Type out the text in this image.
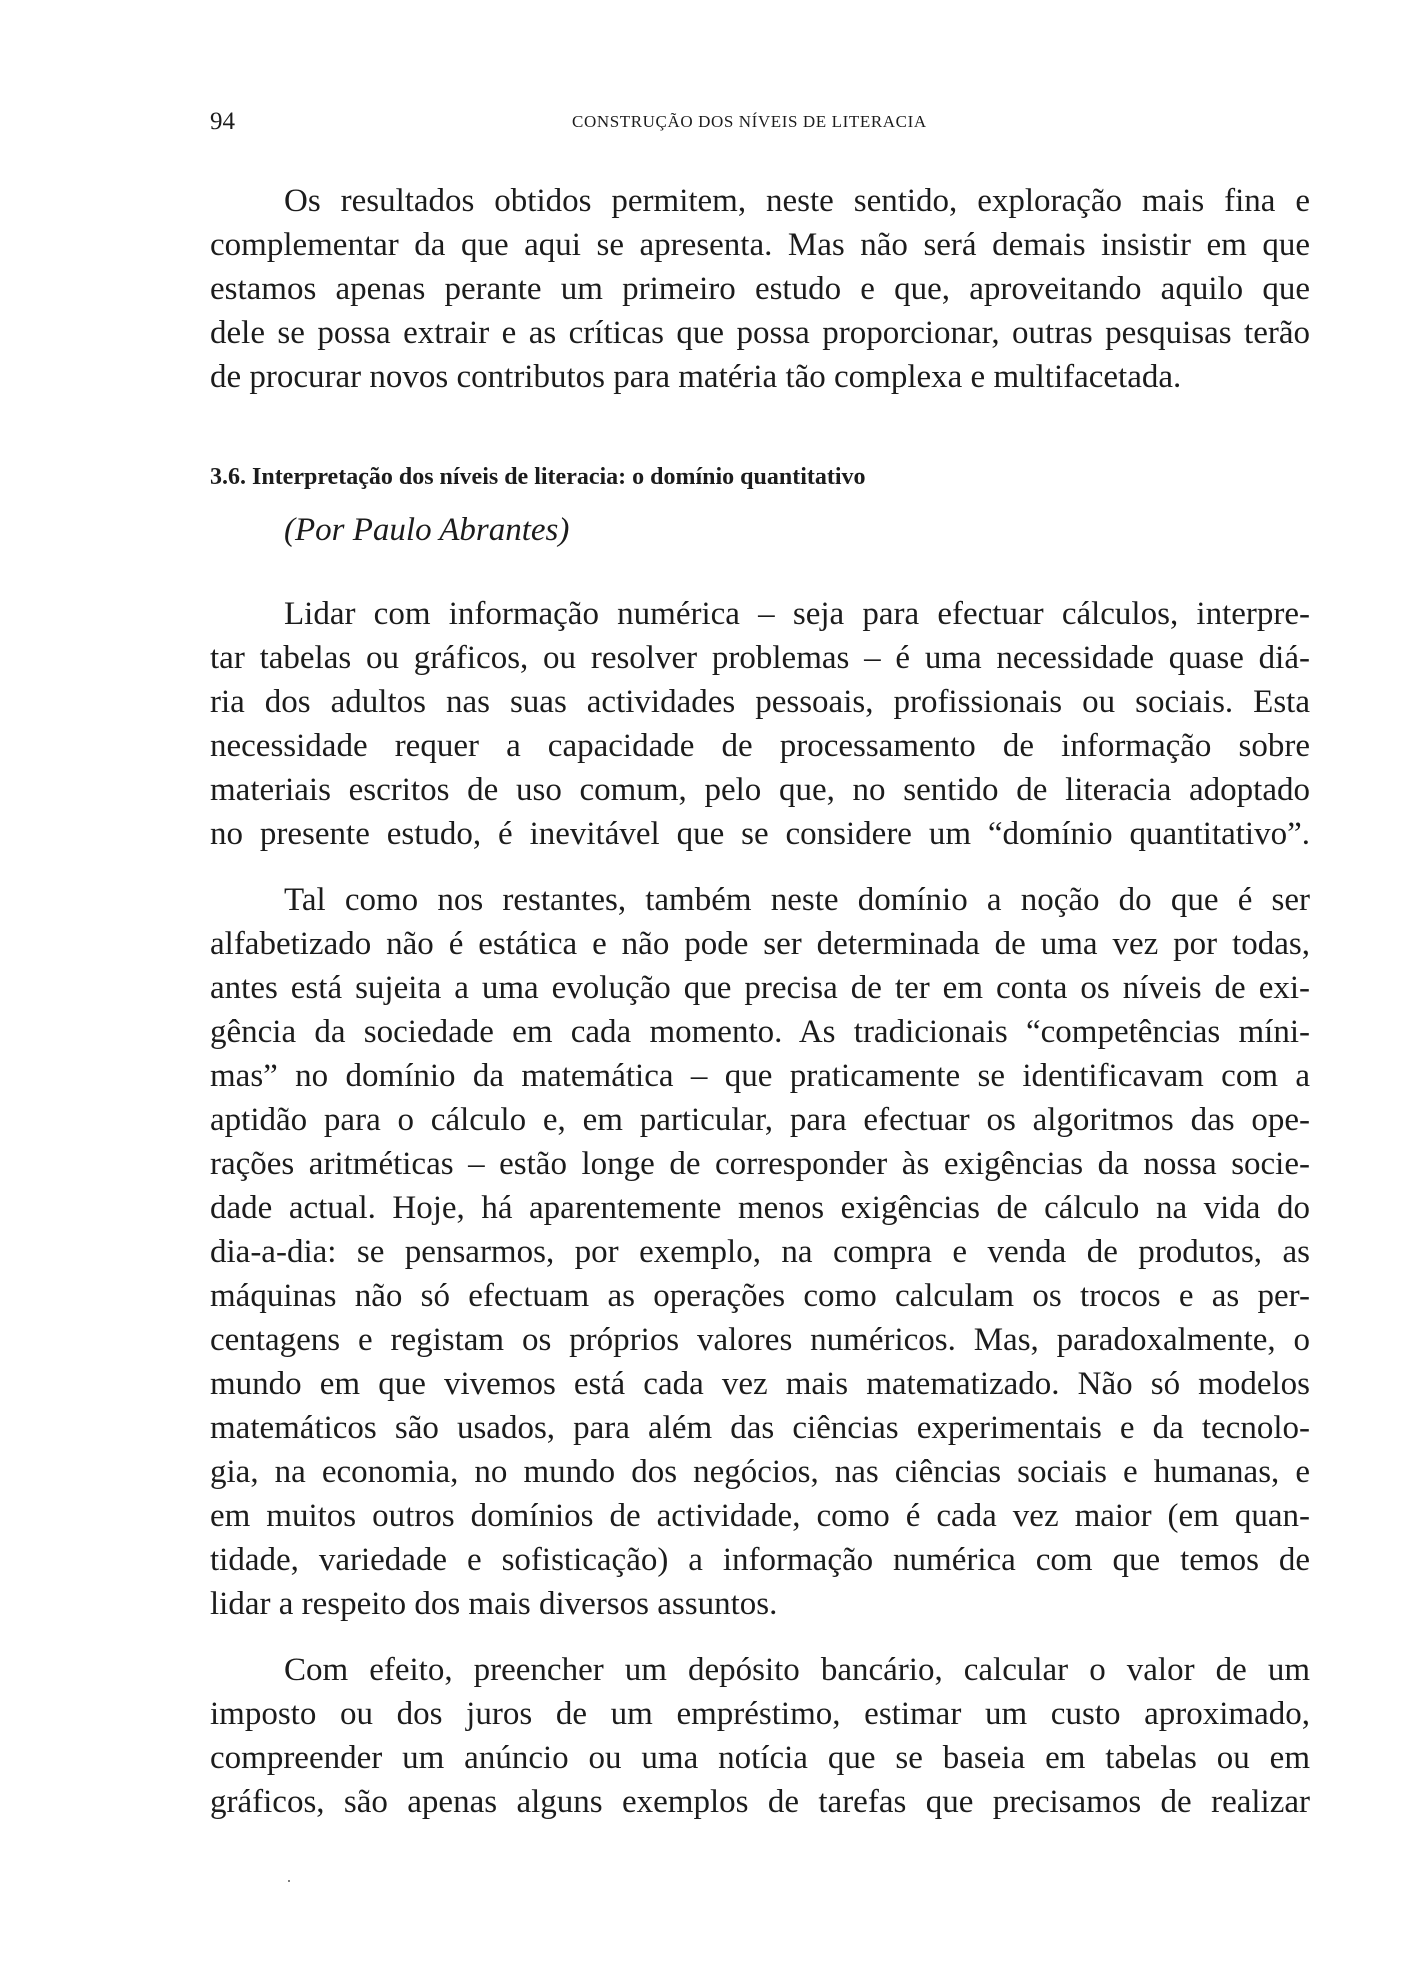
94	CONSTRUÇÃO DOS NÍVEIS DE LITERACIA
Os resultados obtidos permitem, neste sentido, exploração mais fina e
complementar da que aqui se apresenta. Mas não será demais insistir em que
estamos apenas perante um primeiro estudo e que, aproveitando aquilo que
dele se possa extrair e as críticas que possa proporcionar, outras pesquisas terão
de procurar novos contributos para matéria tão complexa e multifacetada.
3.6. Interpretação dos níveis de literacia: o domínio quantitativo
(Por Paulo Abrantes)
Lidar com informação numérica – seja para efectuar cálculos, interpre-
tar tabelas ou gráficos, ou resolver problemas – é uma necessidade quase diá-
ria dos adultos nas suas actividades pessoais, profissionais ou sociais. Esta
necessidade requer a capacidade de processamento de informação sobre
materiais escritos de uso comum, pelo que, no sentido de literacia adoptado
no presente estudo, é inevitável que se considere um “domínio quantitativo”.
Tal como nos restantes, também neste domínio a noção do que é ser
alfabetizado não é estática e não pode ser determinada de uma vez por todas,
antes está sujeita a uma evolução que precisa de ter em conta os níveis de exi-
gência da sociedade em cada momento. As tradicionais “competências míni-
mas” no domínio da matemática – que praticamente se identificavam com a
aptidão para o cálculo e, em particular, para efectuar os algoritmos das ope-
rações aritméticas – estão longe de corresponder às exigências da nossa socie-
dade actual. Hoje, há aparentemente menos exigências de cálculo na vida do
dia-a-dia: se pensarmos, por exemplo, na compra e venda de produtos, as
máquinas não só efectuam as operações como calculam os trocos e as per-
centagens e registam os próprios valores numéricos. Mas, paradoxalmente, o
mundo em que vivemos está cada vez mais matematizado. Não só modelos
matemáticos são usados, para além das ciências experimentais e da tecnolo-
gia, na economia, no mundo dos negócios, nas ciências sociais e humanas, e
em muitos outros domínios de actividade, como é cada vez maior (em quan-
tidade, variedade e sofisticação) a informação numérica com que temos de
lidar a respeito dos mais diversos assuntos.
Com efeito, preencher um depósito bancário, calcular o valor de um
imposto ou dos juros de um empréstimo, estimar um custo aproximado,
compreender um anúncio ou uma notícia que se baseia em tabelas ou em
gráficos, são apenas alguns exemplos de tarefas que precisamos de realizar
